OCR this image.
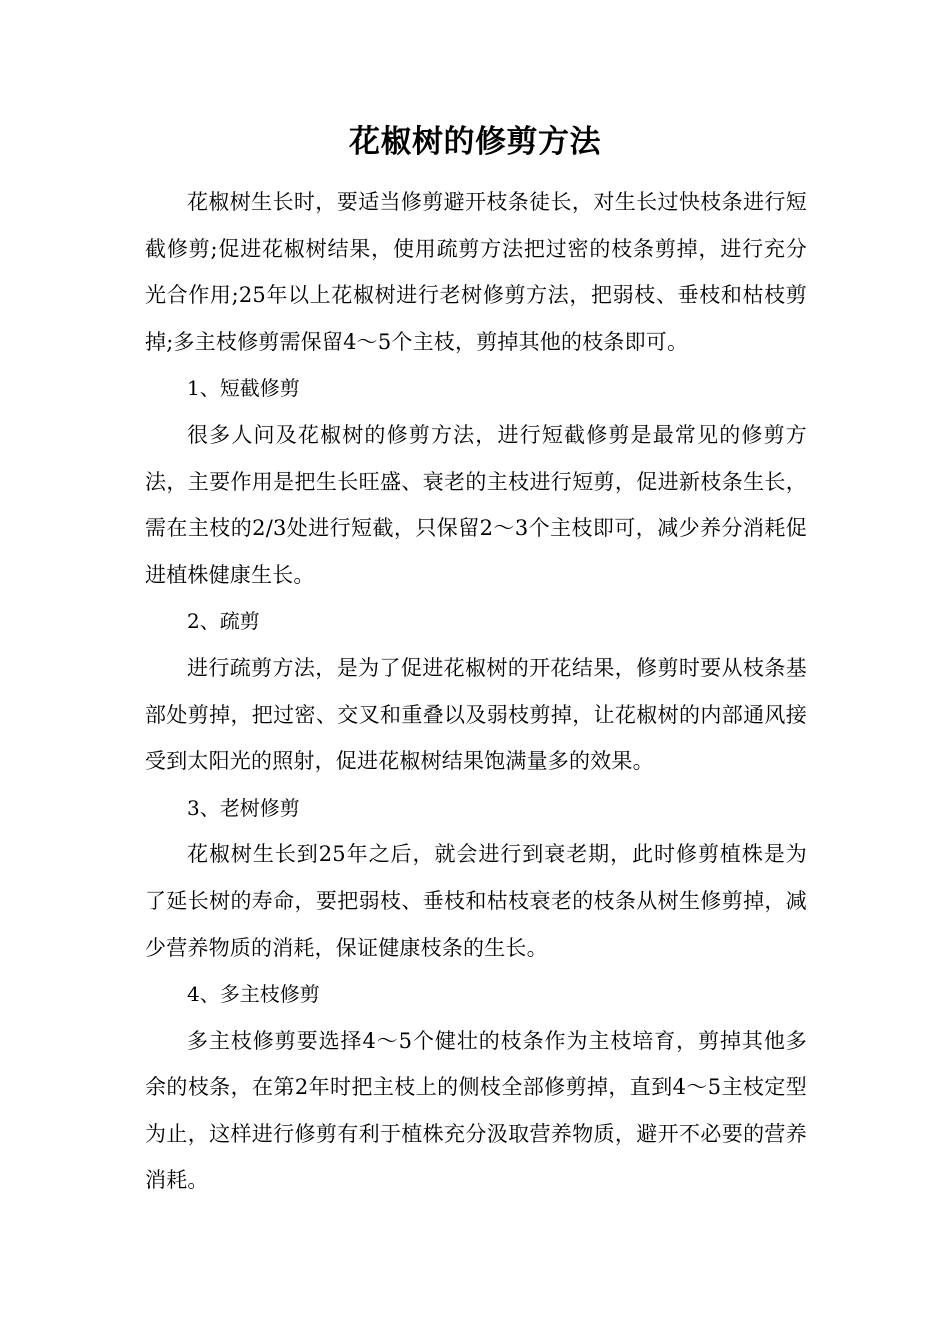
花椒树的修剪方法

花椒树生长时，要适当修剪避开枝条徒长，对生长过快枝条进行短截修剪;促进花椒树结果，使用疏剪方法把过密的枝条剪掉，进行充分光合作用;25年以上花椒树进行老树修剪方法，把弱枝、垂枝和枯枝剪掉;多主枝修剪需保留4～5个主枝，剪掉其他的枝条即可。

1、短截修剪

很多人问及花椒树的修剪方法，进行短截修剪是最常见的修剪方法，主要作用是把生长旺盛、衰老的主枝进行短剪，促进新枝条生长，需在主枝的2/3处进行短截，只保留2～3个主枝即可，减少养分消耗促进植株健康生长。

2、疏剪

进行疏剪方法，是为了促进花椒树的开花结果，修剪时要从枝条基部处剪掉，把过密、交叉和重叠以及弱枝剪掉，让花椒树的内部通风接受到太阳光的照射，促进花椒树结果饱满量多的效果。

3、老树修剪

花椒树生长到25年之后，就会进行到衰老期，此时修剪植株是为了延长树的寿命，要把弱枝、垂枝和枯枝衰老的枝条从树生修剪掉，减少营养物质的消耗，保证健康枝条的生长。

4、多主枝修剪

多主枝修剪要选择4～5个健壮的枝条作为主枝培育，剪掉其他多余的枝条，在第2年时把主枝上的侧枝全部修剪掉，直到4～5主枝定型为止，这样进行修剪有利于植株充分汲取营养物质，避开不必要的营养消耗。
